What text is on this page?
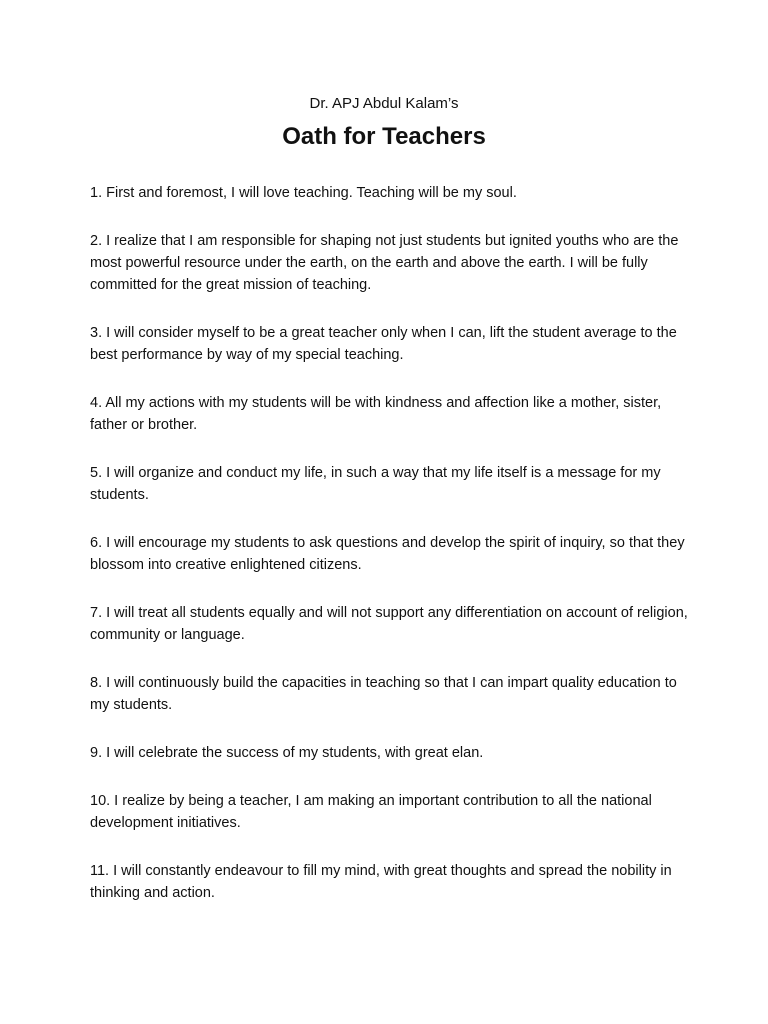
Dr. APJ Abdul Kalam’s
Oath for Teachers
1. First and foremost, I will love teaching. Teaching will be my soul.
2. I realize that I am responsible for shaping not just students but ignited youths who are the most powerful resource under the earth, on the earth and above the earth. I will be fully committed for the great mission of teaching.
3. I will consider myself to be a great teacher only when I can, lift the student average to the best performance by way of my special teaching.
4. All my actions with my students will be with kindness and affection like a mother, sister, father or brother.
5. I will organize and conduct my life, in such a way that my life itself is a message for my students.
6. I will encourage my students to ask questions and develop the spirit of inquiry, so that they blossom into creative enlightened citizens.
7. I will treat all students equally and will not support any differentiation on account of religion, community or language.
8. I will continuously build the capacities in teaching so that I can impart quality education to my students.
9. I will celebrate the success of my students, with great elan.
10. I realize by being a teacher, I am making an important contribution to all the national development initiatives.
11. I will constantly endeavour to fill my mind, with great thoughts and spread the nobility in thinking and action.
